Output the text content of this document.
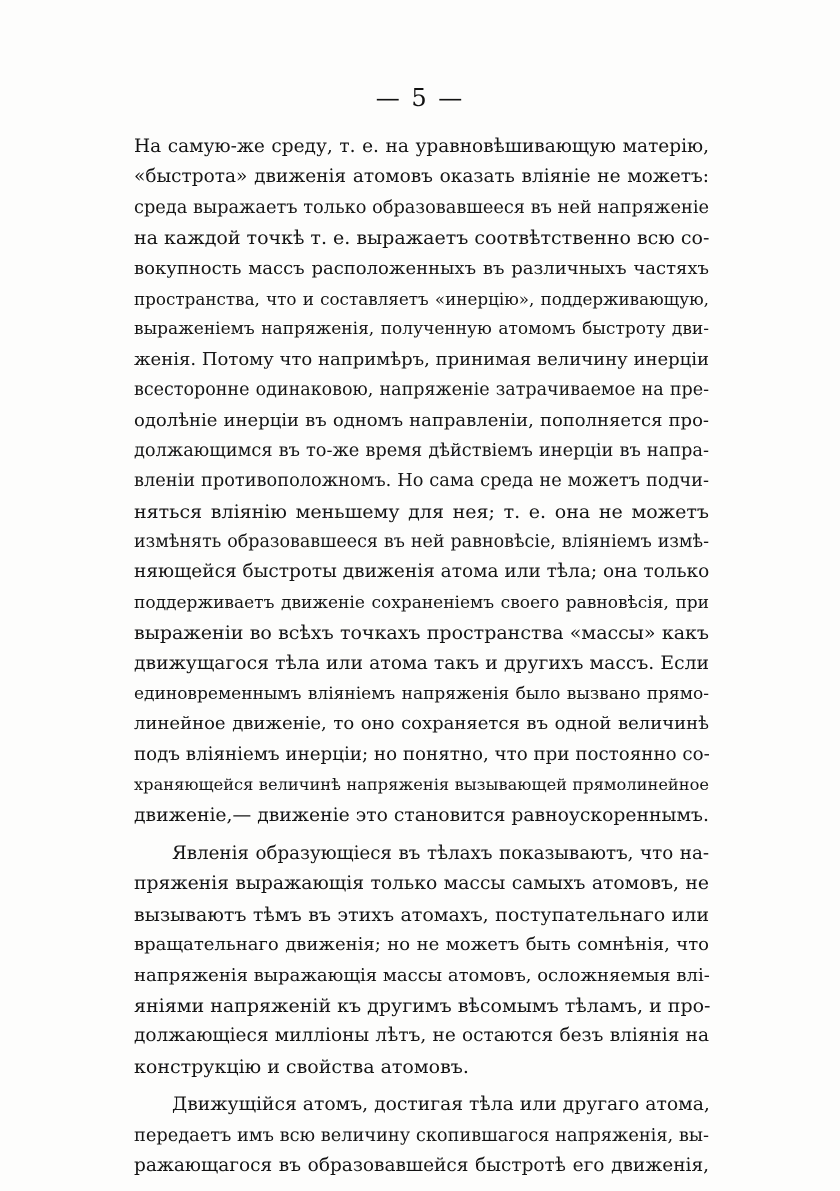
— 5 —
На самую-же среду, т. е. на уравновѣшивающую матерію,
«быстрота» движенія атомовъ оказать вліяніе не можетъ:
среда выражаетъ только образовавшееся въ ней напряженіе
на каждой точкѣ т. е. выражаетъ соотвѣтственно всю со-
вокупность массъ расположенныхъ въ различныхъ частяхъ
пространства, что и составляетъ «инерцію», поддерживающую,
выраженіемъ напряженія, полученную атомомъ быстроту дви-
женія. Потому что напримѣръ, принимая величину инерціи
всесторонне одинаковою, напряженіе затрачиваемое на пре-
одолѣніе инерціи въ одномъ направленіи, пополняется про-
должающимся въ то-же время дѣйствіемъ инерціи въ напра-
вленіи противоположномъ. Но сама среда не можетъ подчи-
няться вліянію меньшему для нея; т. е. она не можетъ
измѣнять образовавшееся въ ней равновѣсіе, вліяніемъ измѣ-
няющейся быстроты движенія атома или тѣла; она только
поддерживаетъ движеніе сохраненіемъ своего равновѣсія, при
выраженіи во всѣхъ точкахъ пространства «массы» какъ
движущагося тѣла или атома такъ и другихъ массъ. Если
единовременнымъ вліяніемъ напряженія было вызвано прямо-
линейное движеніе, то оно сохраняется въ одной величинѣ
подъ вліяніемъ инерціи; но понятно, что при постоянно со-
храняющейся величинѣ напряженія вызывающей прямолинейное
движеніе,— движеніе это становится равноускореннымъ.
Явленія образующіеся въ тѣлахъ показываютъ, что на-
пряженія выражающія только массы самыхъ атомовъ, не
вызываютъ тѣмъ въ этихъ атомахъ, поступательнаго или
вращательнаго движенія; но не можетъ быть сомнѣнія, что
напряженія выражающія массы атомовъ, осложняемыя влі-
яніями напряженій къ другимъ вѣсомымъ тѣламъ, и про-
должающіеся милліоны лѣтъ, не остаются безъ вліянія на
конструкцію и свойства атомовъ.
Движущійся атомъ, достигая тѣла или другаго атома,
передаетъ имъ всю величину скопившагося напряженія, вы-
ражающагося въ образовавшейся быстротѣ его движенія,
